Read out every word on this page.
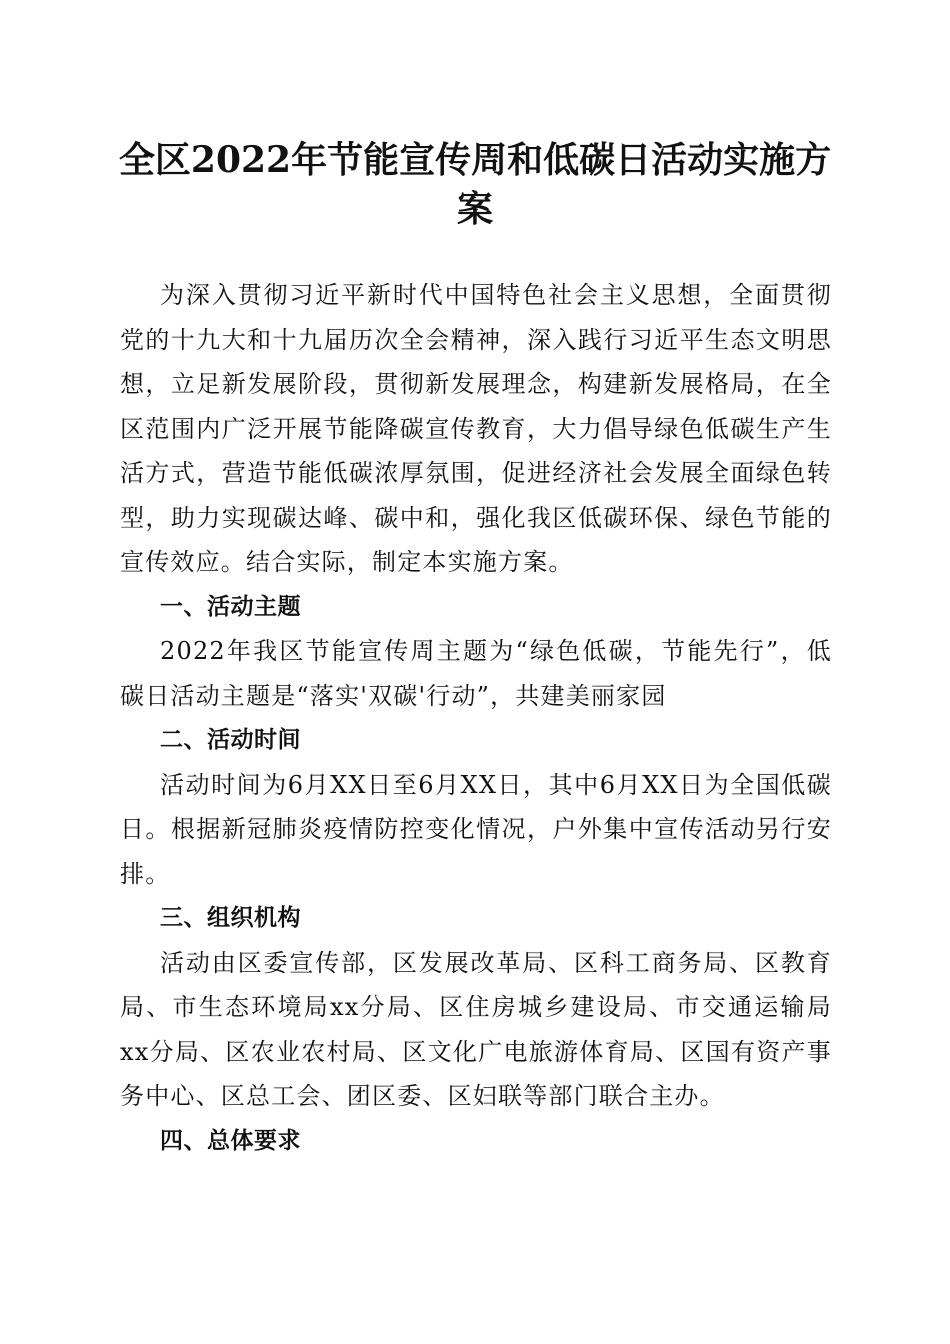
全区2022年节能宣传周和低碳日活动实施方
案

为深入贯彻习近平新时代中国特色社会主义思想，全面贯彻党的十九大和十九届历次全会精神，深入践行习近平生态文明思想，立足新发展阶段，贯彻新发展理念，构建新发展格局，在全区范围内广泛开展节能降碳宣传教育，大力倡导绿色低碳生产生活方式，营造节能低碳浓厚氛围，促进经济社会发展全面绿色转型，助力实现碳达峰、碳中和，强化我区低碳环保、绿色节能的宣传效应。结合实际，制定本实施方案。

一、活动主题

2022年我区节能宣传周主题为“绿色低碳，节能先行”，低碳日活动主题是“落实'双碳'行动”，共建美丽家园

二、活动时间

活动时间为6月XX日至6月XX日，其中6月XX日为全国低碳日。根据新冠肺炎疫情防控变化情况，户外集中宣传活动另行安排。

三、组织机构

活动由区委宣传部，区发展改革局、区科工商务局、区教育局、市生态环境局xx分局、区住房城乡建设局、市交通运输局xx分局、区农业农村局、区文化广电旅游体育局、区国有资产事务中心、区总工会、团区委、区妇联等部门联合主办。

四、总体要求
